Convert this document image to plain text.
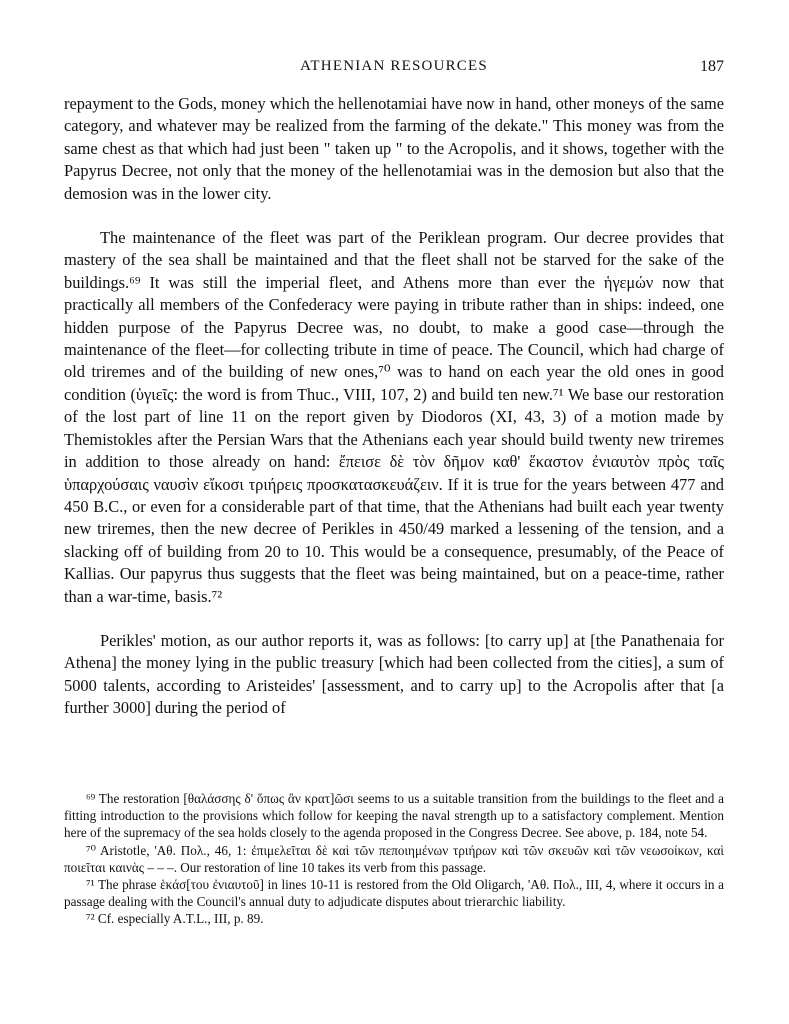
ATHENIAN RESOURCES	187

repayment to the Gods, money which the hellenotamiai have now in hand, other moneys of the same category, and whatever may be realized from the farming of the dekate." This money was from the same chest as that which had just been " taken up " to the Acropolis, and it shows, together with the Papyrus Decree, not only that the money of the hellenotamiai was in the demosion but also that the demosion was in the lower city.

The maintenance of the fleet was part of the Periklean program. Our decree provides that mastery of the sea shall be maintained and that the fleet shall not be starved for the sake of the buildings.⁶⁹ It was still the imperial fleet, and Athens more than ever the ἡγεμών now that practically all members of the Confederacy were paying in tribute rather than in ships: indeed, one hidden purpose of the Papyrus Decree was, no doubt, to make a good case—through the maintenance of the fleet—for collecting tribute in time of peace. The Council, which had charge of old triremes and of the building of new ones,⁷⁰ was to hand on each year the old ones in good condition (ὑγιεῖς: the word is from Thuc., VIII, 107, 2) and build ten new.⁷¹ We base our restoration of the lost part of line 11 on the report given by Diodoros (XI, 43, 3) of a motion made by Themistokles after the Persian Wars that the Athenians each year should build twenty new triremes in addition to those already on hand: ἔπεισε δὲ τὸν δῆμον καθ' ἕκαστον ἐνιαυτὸν πρὸς ταῖς ὑπαρχούσαις ναυσὶν εἴκοσι τριήρεις προσκατασκευάζειν. If it is true for the years between 477 and 450 B.C., or even for a considerable part of that time, that the Athenians had built each year twenty new triremes, then the new decree of Perikles in 450/49 marked a lessening of the tension, and a slacking off of building from 20 to 10. This would be a consequence, presumably, of the Peace of Kallias. Our papyrus thus suggests that the fleet was being maintained, but on a peace-time, rather than a war-time, basis.⁷²

Perikles' motion, as our author reports it, was as follows: [to carry up] at [the Panathenaia for Athena] the money lying in the public treasury [which had been collected from the cities], a sum of 5000 talents, according to Aristeides' [assessment, and to carry up] to the Acropolis after that [a further 3000] during the period of

⁶⁹ The restoration [θαλάσσης δ' ὅπως ἂν κρατ]ῶσι seems to us a suitable transition from the buildings to the fleet and a fitting introduction to the provisions which follow for keeping the naval strength up to a satisfactory complement. Mention here of the supremacy of the sea holds closely to the agenda proposed in the Congress Decree. See above, p. 184, note 54.

⁷⁰ Aristotle, 'Αθ. Πολ., 46, 1: ἐπιμελεῖται δὲ καὶ τῶν πεποιημένων τριήρων καὶ τῶν σκευῶν καὶ τῶν νεωσοίκων, καὶ ποιεῖται καινὰς – – –. Our restoration of line 10 takes its verb from this passage.

⁷¹ The phrase ἑκάσ[του ἐνιαυτοῦ] in lines 10-11 is restored from the Old Oligarch, 'Αθ. Πολ., III, 4, where it occurs in a passage dealing with the Council's annual duty to adjudicate disputes about trierarchic liability.

⁷² Cf. especially A.T.L., III, p. 89.
